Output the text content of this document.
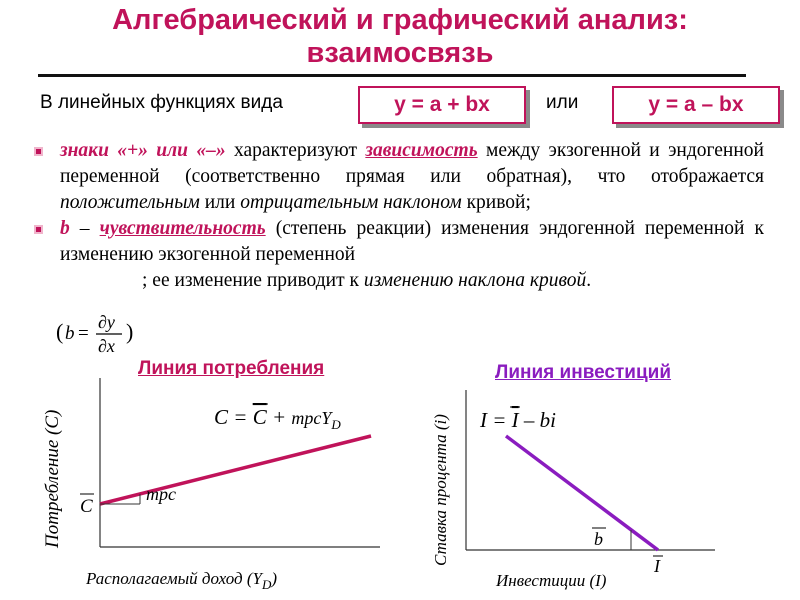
Алгебраический и графический анализ:
взаимосвязь
В линейных функциях вида	y = a + bx	или	y = a – bx
знаки «+» или «–» характеризуют зависимость между экзогенной и эндогенной переменной (соответственно прямая или обратная), что отображается положительным или отрицательным наклоном кривой;
b – чувствительность (степень реакции) изменения эндогенной переменной к изменению экзогенной переменной
; ее изменение приводит к изменению наклона кривой.
( b =
∂y
∂x
)
Линия потребления	Линия инвестиций
mpc
C
C = C + mpcY$_D$
Потребление (C)
Располагаемый доход $(Y_D)$
b
I
I = I – bi
Ставка процента (i)
Инвестиции (I)
